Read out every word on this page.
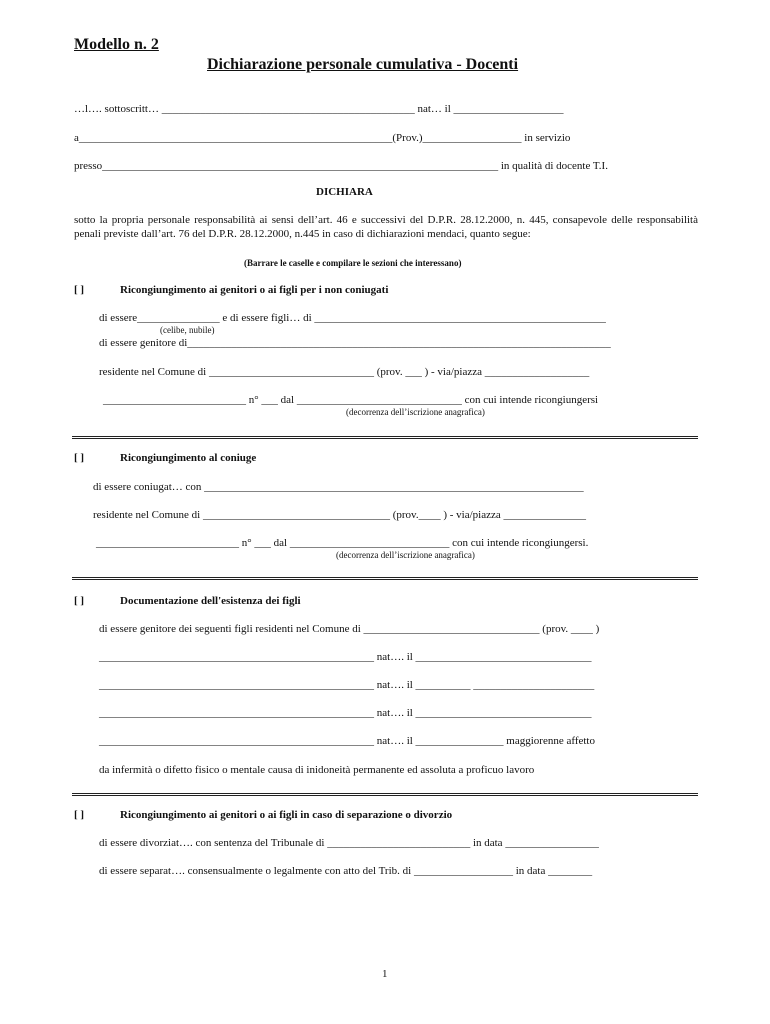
Modello n. 2
Dichiarazione personale cumulativa - Docenti
…l…. sottoscritt… ______________________________________________ nat… il ____________________
a_________________________________________________________(Prov.)__________________ in servizio
presso________________________________________________________________________ in qualità di docente T.I.
DICHIARA
sotto la propria personale responsabilità ai sensi dell’art. 46 e successivi del D.P.R. 28.12.2000, n. 445, consapevole delle responsabilità penali previste dall’art. 76 del D.P.R. 28.12.2000, n.445 in caso di dichiarazioni mendaci, quanto segue:
(Barrare le caselle e compilare le sezioni che interessano)
[ ]	Ricongiungimento ai genitori o ai figli per i non coniugati
di essere_______________ e di essere figli… di _____________________________________________________
(celibe, nubile)
di essere genitore di_____________________________________________________________________________
residente nel Comune di ______________________________ (prov. ___ ) - via/piazza ___________________
__________________________ n° ___ dal ______________________________ con cui intende ricongiungersi
(decorrenza dell’iscrizione anagrafica)
[ ]	Ricongiungimento al coniuge
di essere coniugat… con _____________________________________________________________________
residente nel Comune di __________________________________ (prov.____ ) - via/piazza _______________
__________________________ n° ___ dal _____________________________ con cui intende ricongiungersi.
(decorrenza dell’iscrizione anagrafica)
[ ]	Documentazione dell'esistenza dei figli
di essere genitore dei seguenti figli residenti nel Comune di ________________________________ (prov. ____ )
__________________________________________________ nat…. il ________________________________
__________________________________________________ nat…. il __________ ______________________
__________________________________________________ nat…. il ________________________________
__________________________________________________ nat…. il ________________ maggiorenne affetto
da infermità o difetto fisico o mentale causa di inidoneità permanente ed assoluta a proficuo lavoro
[ ]	Ricongiungimento ai genitori o ai figli in caso di separazione o divorzio
di essere divorziat…. con sentenza del Tribunale di __________________________ in data _________________
di essere separat…. consensualmente o legalmente con atto del Trib. di __________________ in data ________
1
